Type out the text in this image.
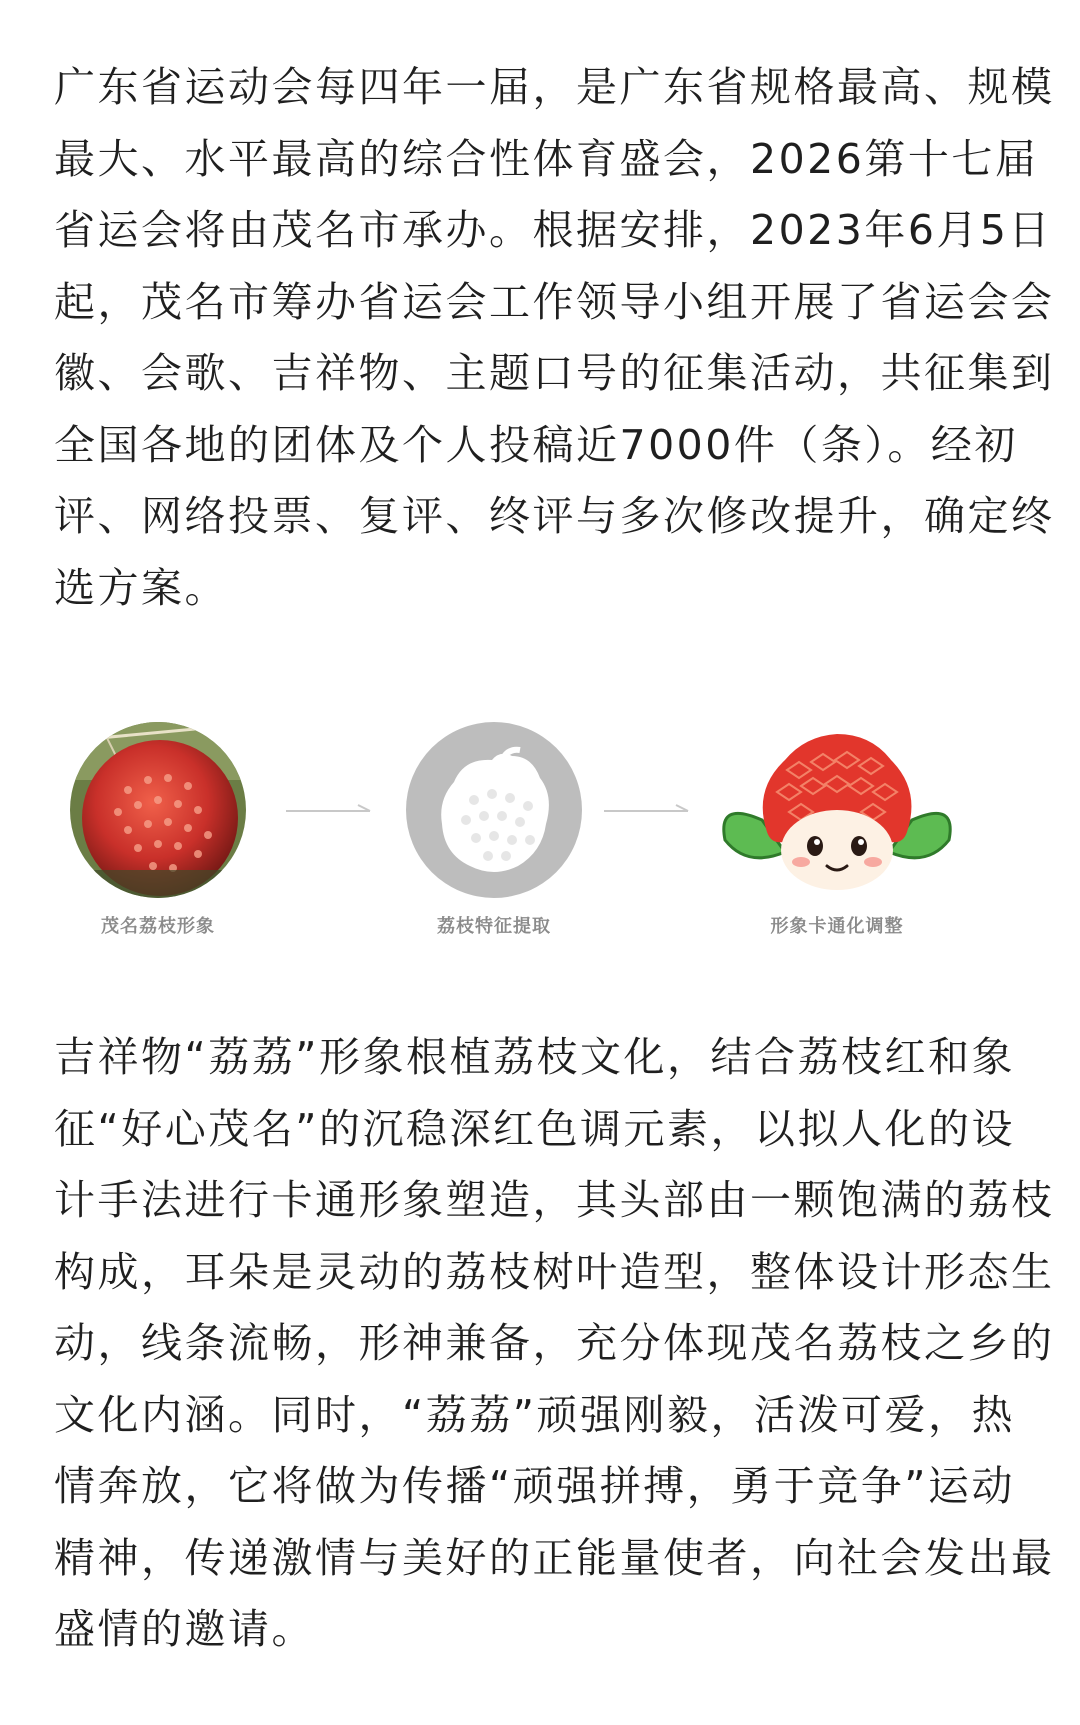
广东省运动会每四年一届，是广东省规格最高、规模
最大、水平最高的综合性体育盛会，2026第十七届
省运会将由茂名市承办。根据安排，2023年6月5日
起，茂名市筹办省运会工作领导小组开展了省运会会
徽、会歌、吉祥物、主题口号的征集活动，共征集到
全国各地的团体及个人投稿近7000件（条）。经初
评、网络投票、复评、终评与多次修改提升，确定终
选方案。
茂名荔枝形象	荔枝特征提取	形象卡通化调整
吉祥物“荔荔”形象根植荔枝文化，结合荔枝红和象
征“好心茂名”的沉稳深红色调元素，以拟人化的设
计手法进行卡通形象塑造，其头部由一颗饱满的荔枝
构成，耳朵是灵动的荔枝树叶造型，整体设计形态生
动，线条流畅，形神兼备，充分体现茂名荔枝之乡的
文化内涵。同时，“荔荔”顽强刚毅，活泼可爱，热
情奔放，它将做为传播“顽强拼搏，勇于竞争”运动
精神，传递激情与美好的正能量使者，向社会发出最
盛情的邀请。
